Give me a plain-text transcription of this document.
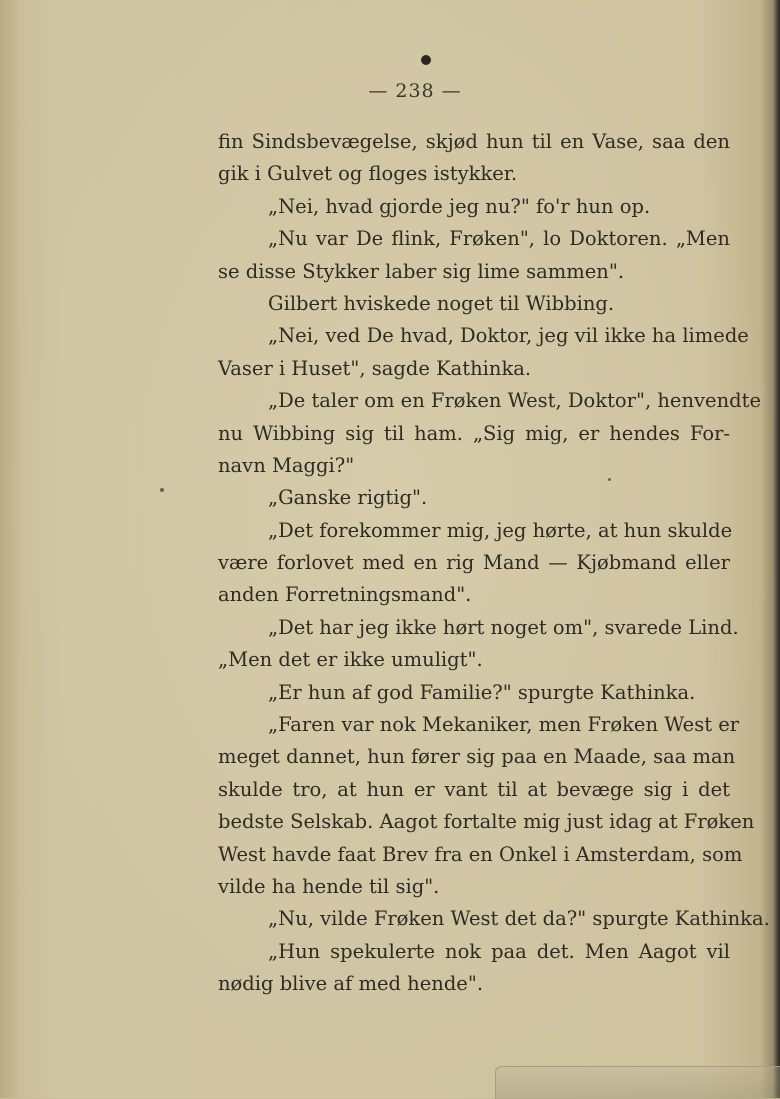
— 238 —
fin Sindsbevægelse, skjød hun til en Vase, saa den
gik i Gulvet og floges istykker.
„Nei, hvad gjorde jeg nu?" fo'r hun op.
„Nu var De flink, Frøken", lo Doktoren. „Men
se disse Stykker laber sig lime sammen".
Gilbert hviskede noget til Wibbing.
„Nei, ved De hvad, Doktor, jeg vil ikke ha limede
Vaser i Huset", sagde Kathinka.
„De taler om en Frøken West, Doktor", henvendte
nu Wibbing sig til ham. „Sig mig, er hendes For-
navn Maggi?"
„Ganske rigtig".
„Det forekommer mig, jeg hørte, at hun skulde
være forlovet med en rig Mand — Kjøbmand eller
anden Forretningsmand".
„Det har jeg ikke hørt noget om", svarede Lind.
„Men det er ikke umuligt".
„Er hun af god Familie?" spurgte Kathinka.
„Faren var nok Mekaniker, men Frøken West er
meget dannet, hun fører sig paa en Maade, saa man
skulde tro, at hun er vant til at bevæge sig i det
bedste Selskab. Aagot fortalte mig just idag at Frøken
West havde faat Brev fra en Onkel i Amsterdam, som
vilde ha hende til sig".
„Nu, vilde Frøken West det da?" spurgte Kathinka.
„Hun spekulerte nok paa det. Men Aagot vil
nødig blive af med hende".
